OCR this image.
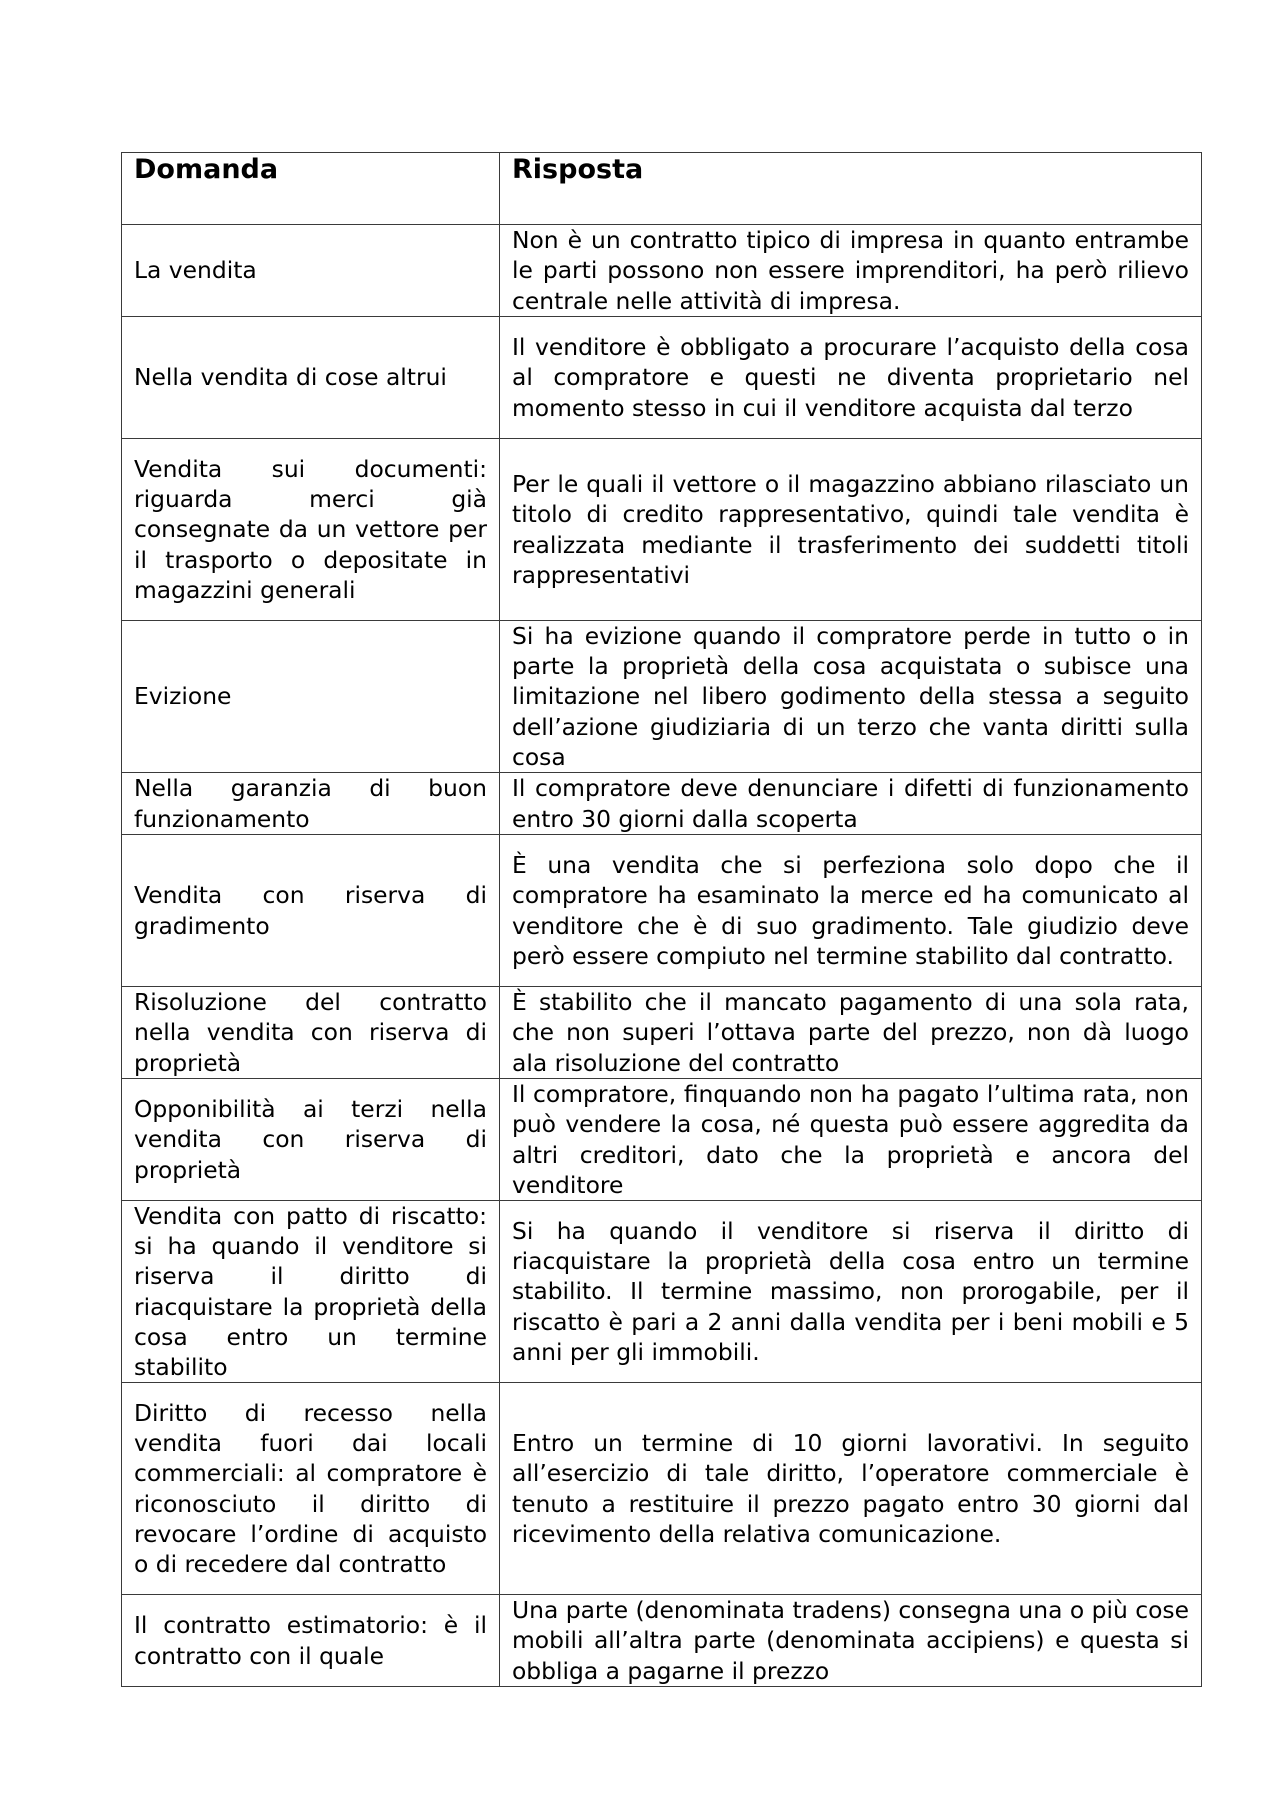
Domanda	Risposta
La vendita	Non è un contratto tipico di impresa in quanto entrambe le parti possono non essere imprenditori, ha però rilievo centrale nelle attività di impresa.
Nella vendita di cose altrui	Il venditore è obbligato a procurare l’acquisto della cosa al compratore e questi ne diventa proprietario nel momento stesso in cui il venditore acquista dal terzo
Vendita sui documenti: riguarda merci già consegnate da un vettore per il trasporto o depositate in magazzini generali	Per le quali il vettore o il magazzino abbiano rilasciato un titolo di credito rappresentativo, quindi tale vendita è realizzata mediante il trasferimento dei suddetti titoli rappresentativi
Evizione	Si ha evizione quando il compratore perde in tutto o in parte la proprietà della cosa acquistata o subisce una limitazione nel libero godimento della stessa a seguito dell’azione giudiziaria di un terzo che vanta diritti sulla cosa
Nella garanzia di buon funzionamento	Il compratore deve denunciare i difetti di funzionamento entro 30 giorni dalla scoperta
Vendita con riserva di gradimento	È una vendita che si perfeziona solo dopo che il compratore ha esaminato la merce ed ha comunicato al venditore che è di suo gradimento. Tale giudizio deve però essere compiuto nel termine stabilito dal contratto.
Risoluzione del contratto nella vendita con riserva di proprietà	È stabilito che il mancato pagamento di una sola rata, che non superi l’ottava parte del prezzo, non dà luogo ala risoluzione del contratto
Opponibilità ai terzi nella vendita con riserva di proprietà	Il compratore, finquando non ha pagato l’ultima rata, non può vendere la cosa, né questa può essere aggredita da altri creditori, dato che la proprietà e ancora del venditore
Vendita con patto di riscatto: si ha quando il venditore si riserva il diritto di riacquistare la proprietà della cosa entro un termine stabilito	Si ha quando il venditore si riserva il diritto di riacquistare la proprietà della cosa entro un termine stabilito. Il termine massimo, non prorogabile, per il riscatto è pari a 2 anni dalla vendita per i beni mobili e 5 anni per gli immobili.
Diritto di recesso nella vendita fuori dai locali commerciali: al compratore è riconosciuto il diritto di revocare l’ordine di acquisto o di recedere dal contratto	Entro un termine di 10 giorni lavorativi. In seguito all’esercizio di tale diritto, l’operatore commerciale è tenuto a restituire il prezzo pagato entro 30 giorni dal ricevimento della relativa comunicazione.
Il contratto estimatorio: è il contratto con il quale	Una parte (denominata tradens) consegna una o più cose mobili all’altra parte (denominata accipiens) e questa si obbliga a pagarne il prezzo
